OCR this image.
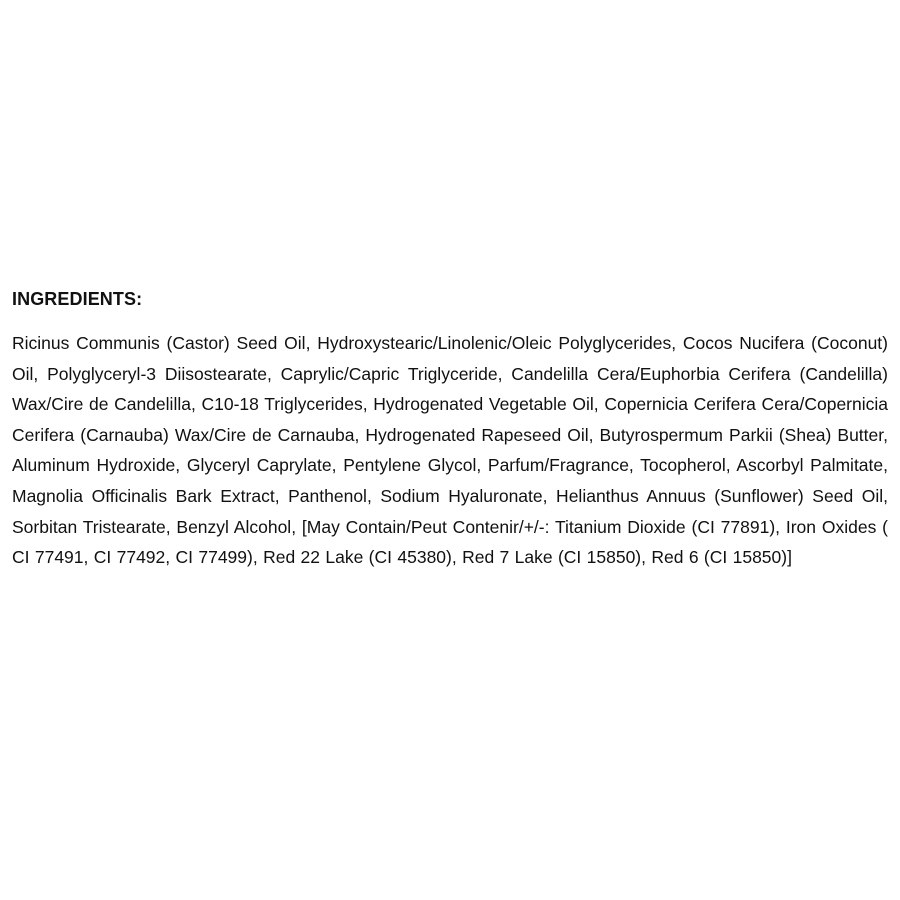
INGREDIENTS:

Ricinus Communis (Castor) Seed Oil, Hydroxystearic/Linolenic/Oleic Polyglycerides, Cocos Nucifera (Coconut) Oil, Polyglyceryl-3 Diisostearate, Caprylic/Capric Triglyceride, Candelilla Cera/Euphorbia Cerifera (Candelilla) Wax/Cire de Candelilla, C10-18 Triglycerides, Hydrogenated Vegetable Oil, Copernicia Cerifera Cera/Copernicia Cerifera (Carnauba) Wax/Cire de Carnauba, Hydrogenated Rapeseed Oil, Butyrospermum Parkii (Shea) Butter, Aluminum Hydroxide, Glyceryl Caprylate, Pentylene Glycol, Parfum/Fragrance, Tocopherol, Ascorbyl Palmitate, Magnolia Officinalis Bark Extract, Panthenol, Sodium Hyaluronate, Helianthus Annuus (Sunflower) Seed Oil, Sorbitan Tristearate, Benzyl Alcohol, [May Contain/Peut Contenir/+/-: Titanium Dioxide (CI 77891), Iron Oxides ( CI 77491, CI 77492, CI 77499), Red 22 Lake (CI 45380), Red 7 Lake (CI 15850), Red 6 (CI 15850)]
